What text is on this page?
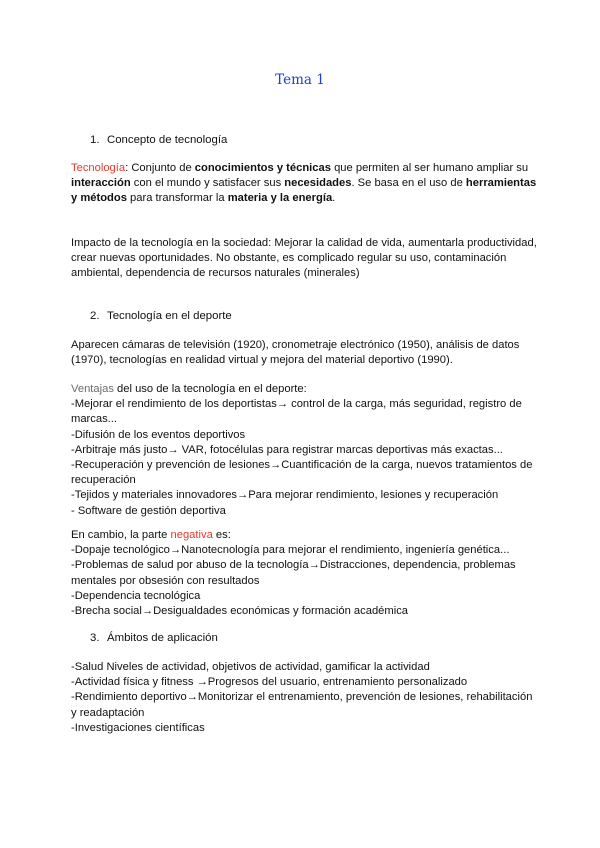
Tema 1
1. Concepto de tecnología

Tecnología: Conjunto de conocimientos y técnicas que permiten al ser humano ampliar su interacción con el mundo y satisfacer sus necesidades. Se basa en el uso de herramientas y métodos para transformar la materia y la energía.

Impacto de la tecnología en la sociedad: Mejorar la calidad de vida, aumentarla productividad, crear nuevas oportunidades. No obstante, es complicado regular su uso, contaminación ambiental, dependencia de recursos naturales (minerales)

2. Tecnología en el deporte

Aparecen cámaras de televisión (1920), cronometraje electrónico (1950), análisis de datos (1970), tecnologías en realidad virtual y mejora del material deportivo (1990).

Ventajas del uso de la tecnología en el deporte:

-Mejorar el rendimiento de los deportistas→ control de la carga, más seguridad, registro de marcas...

-Difusión de los eventos deportivos

-Arbitraje más justo→ VAR, fotocélulas para registrar marcas deportivas más exactas...

-Recuperación y prevención de lesiones→Cuantificación de la carga, nuevos tratamientos de recuperación

-Tejidos y materiales innovadores→Para mejorar rendimiento, lesiones y recuperación

- Software de gestión deportiva

En cambio, la parte negativa es:

-Dopaje tecnológico→Nanotecnología para mejorar el rendimiento, ingeniería genética...

-Problemas de salud por abuso de la tecnología→Distracciones, dependencia, problemas mentales por obsesión con resultados

-Dependencia tecnológica

-Brecha social→Desigualdades económicas y formación académica

3. Ámbitos de aplicación

-Salud Niveles de actividad, objetivos de actividad, gamificar la actividad

-Actividad física y fitness →Progresos del usuario, entrenamiento personalizado

-Rendimiento deportivo→Monitorizar el entrenamiento, prevención de lesiones, rehabilitación y readaptación

-Investigaciones científicas
